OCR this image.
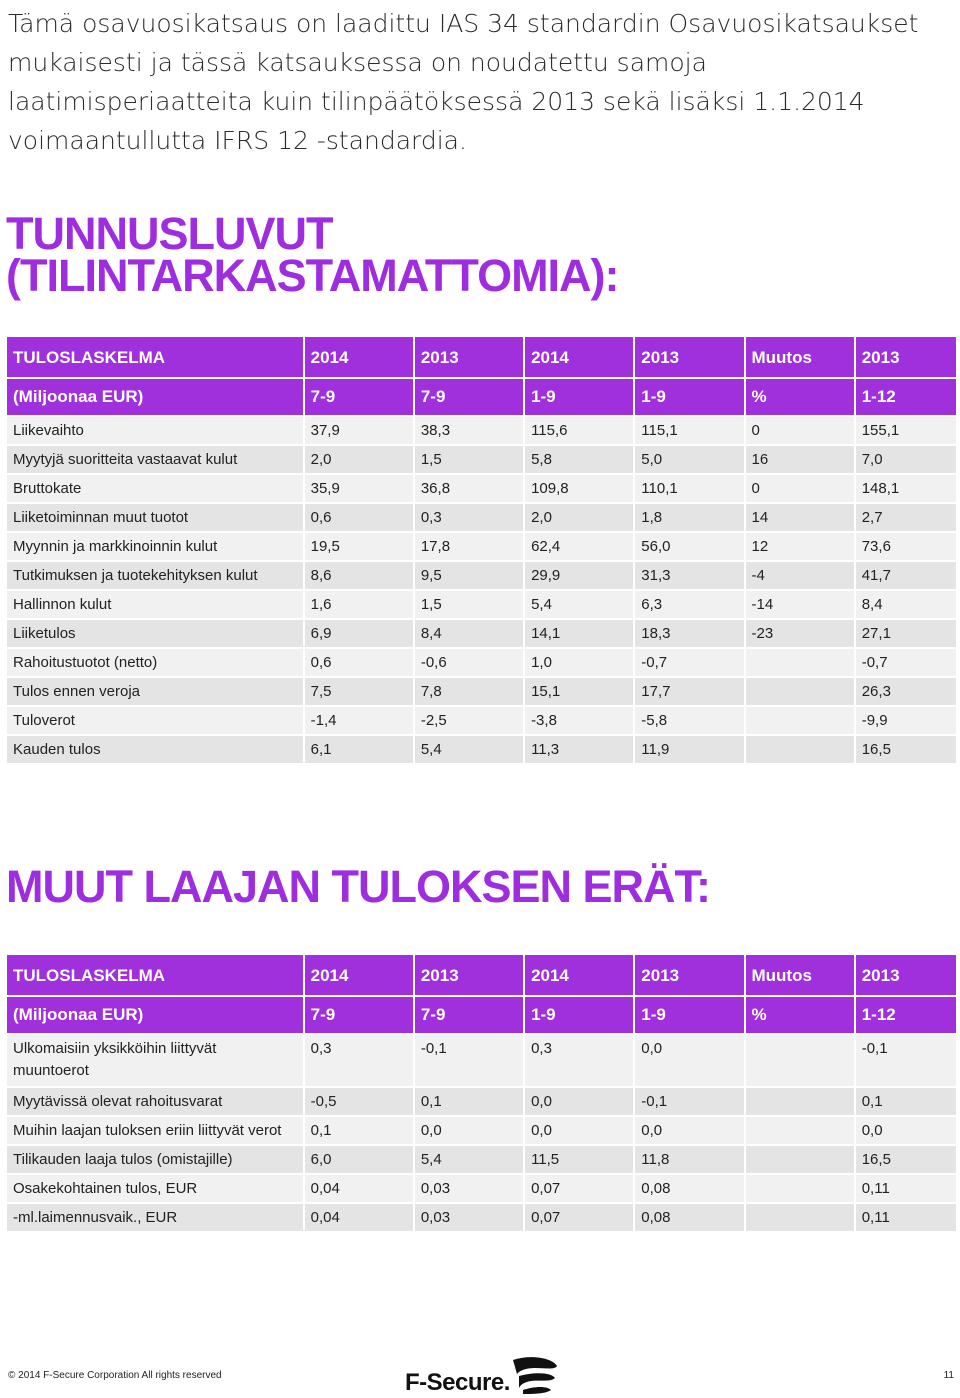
Tämä osavuosikatsaus on laadittu IAS 34 standardin Osavuosikatsaukset mukaisesti ja tässä katsauksessa on noudatettu samoja laatimisperiaatteita kuin tilinpäätöksessä 2013 sekä lisäksi 1.1.2014 voimaantullutta IFRS 12 -standardia.

TUNNUSLUVUT
(TILINTARKASTAMATTOMIA):
TULOSLASKELMA	2014	2013	2014	2013	Muutos	2013
(Miljoonaa EUR)	7-9	7-9	1-9	1-9	%	1-12
Liikevaihto	37,9	38,3	115,6	115,1	0	155,1
Myytyjä suoritteita vastaavat kulut	2,0	1,5	5,8	5,0	16	7,0
Bruttokate	35,9	36,8	109,8	110,1	0	148,1
Liiketoiminnan muut tuotot	0,6	0,3	2,0	1,8	14	2,7
Myynnin ja markkinoinnin kulut	19,5	17,8	62,4	56,0	12	73,6
Tutkimuksen ja tuotekehityksen kulut	8,6	9,5	29,9	31,3	-4	41,7
Hallinnon kulut	1,6	1,5	5,4	6,3	-14	8,4
Liiketulos	6,9	8,4	14,1	18,3	-23	27,1
Rahoitustuotot (netto)	0,6	-0,6	1,0	-0,7		-0,7
Tulos ennen veroja	7,5	7,8	15,1	17,7		26,3
Tuloverot	-1,4	-2,5	-3,8	-5,8		-9,9
Kauden tulos	6,1	5,4	11,3	11,9		16,5
MUUT LAAJAN TULOKSEN ERÄT:
TULOSLASKELMA	2014	2013	2014	2013	Muutos	2013
(Miljoonaa EUR)	7-9	7-9	1-9	1-9	%	1-12
Ulkomaisiin yksikköihin liittyvät
muuntoerot	0,3	-0,1	0,3	0,0		-0,1
Myytävissä olevat rahoitusvarat	-0,5	0,1	0,0	-0,1		0,1
Muihin laajan tuloksen eriin liittyvät verot	0,1	0,0	0,0	0,0		0,0
Tilikauden laaja tulos (omistajille)	6,0	5,4	11,5	11,8		16,5
Osakekohtainen tulos, EUR	0,04	0,03	0,07	0,08		0,11
-ml.laimennusvaik., EUR	0,04	0,03	0,07	0,08		0,11
© 2014 F-Secure Corporation All rights reserved	F-Secure.	11
